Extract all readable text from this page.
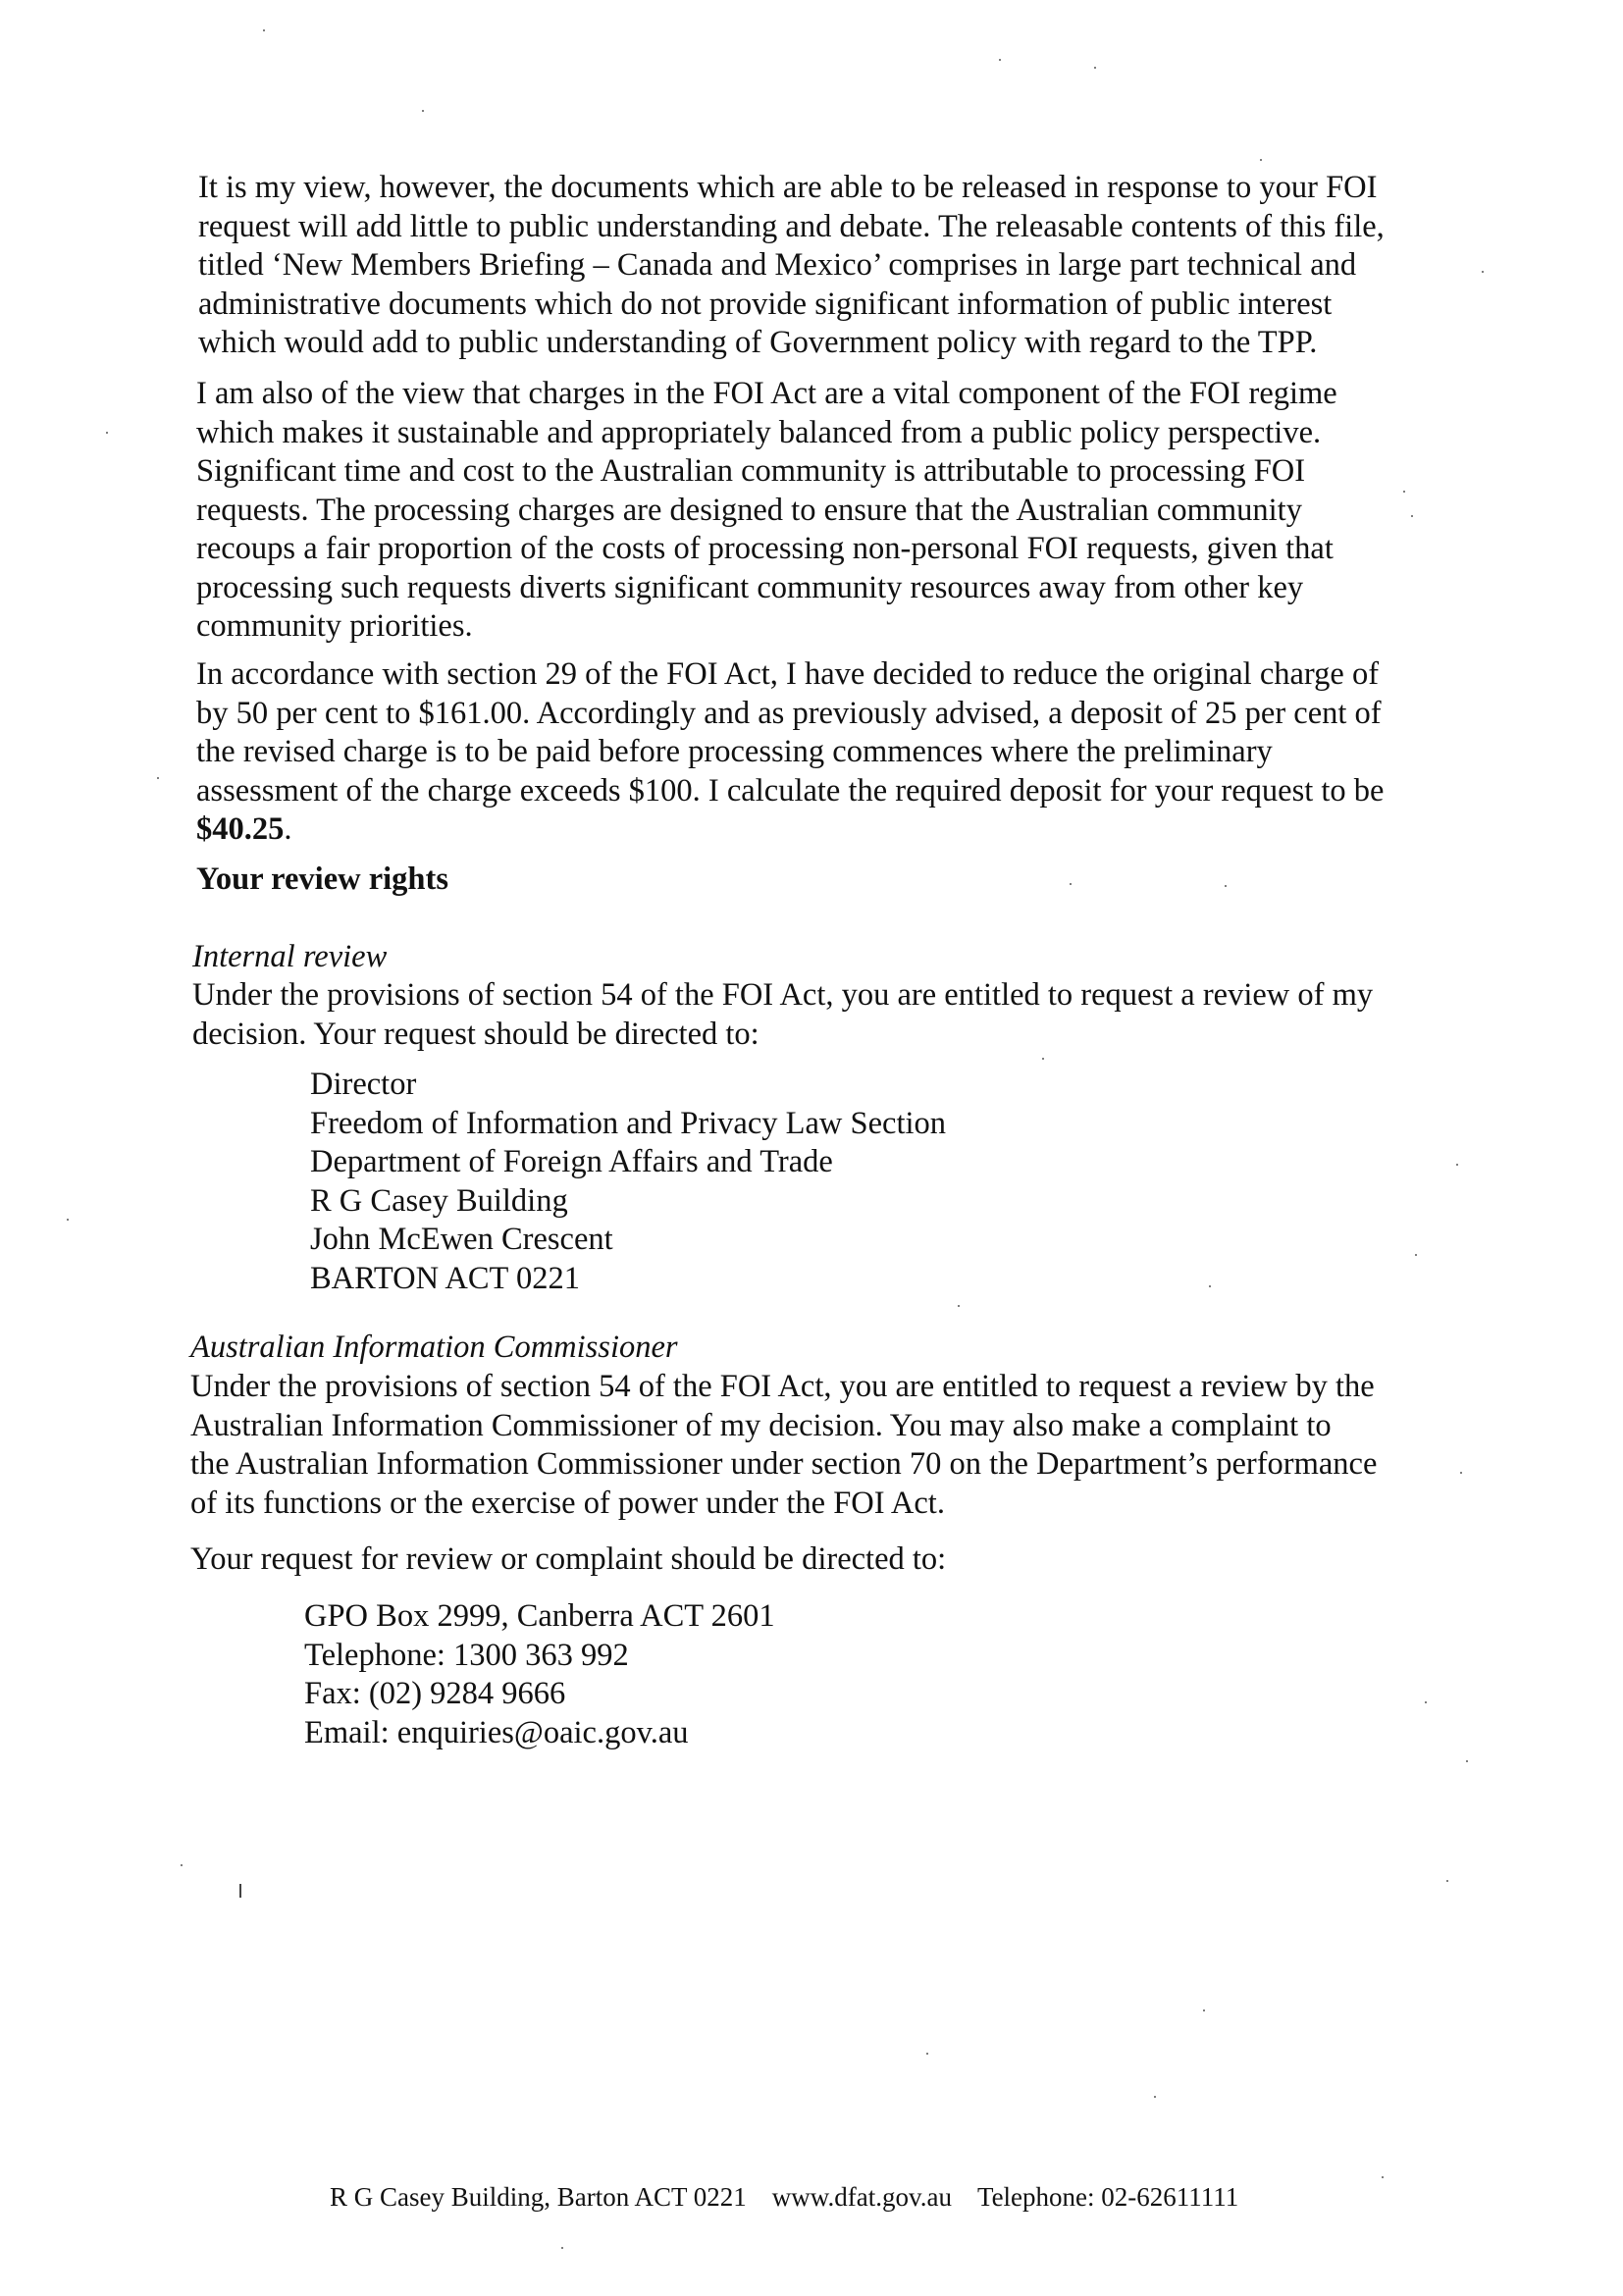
It is my view, however, the documents which are able to be released in response to your FOI
request will add little to public understanding and debate. The releasable contents of this file,
titled ‘New Members Briefing – Canada and Mexico’ comprises in large part technical and
administrative documents which do not provide significant information of public interest
which would add to public understanding of Government policy with regard to the TPP.
I am also of the view that charges in the FOI Act are a vital component of the FOI regime
which makes it sustainable and appropriately balanced from a public policy perspective.
Significant time and cost to the Australian community is attributable to processing FOI
requests. The processing charges are designed to ensure that the Australian community
recoups a fair proportion of the costs of processing non-personal FOI requests, given that
processing such requests diverts significant community resources away from other key
community priorities.
In accordance with section 29 of the FOI Act, I have decided to reduce the original charge of
by 50 per cent to $161.00. Accordingly and as previously advised, a deposit of 25 per cent of
the revised charge is to be paid before processing commences where the preliminary
assessment of the charge exceeds $100. I calculate the required deposit for your request to be
$40.25.
Your review rights
Internal review
Under the provisions of section 54 of the FOI Act, you are entitled to request a review of my
decision. Your request should be directed to:
Director
Freedom of Information and Privacy Law Section
Department of Foreign Affairs and Trade
R G Casey Building
John McEwen Crescent
BARTON ACT 0221
Australian Information Commissioner
Under the provisions of section 54 of the FOI Act, you are entitled to request a review by the
Australian Information Commissioner of my decision. You may also make a complaint to
the Australian Information Commissioner under section 70 on the Department’s performance
of its functions or the exercise of power under the FOI Act.
Your request for review or complaint should be directed to:
GPO Box 2999, Canberra ACT 2601
Telephone: 1300 363 992
Fax: (02) 9284 9666
Email: enquiries@oaic.gov.au
R G Casey Building, Barton ACT 0221 www.dfat.gov.au Telephone: 02-62611111
